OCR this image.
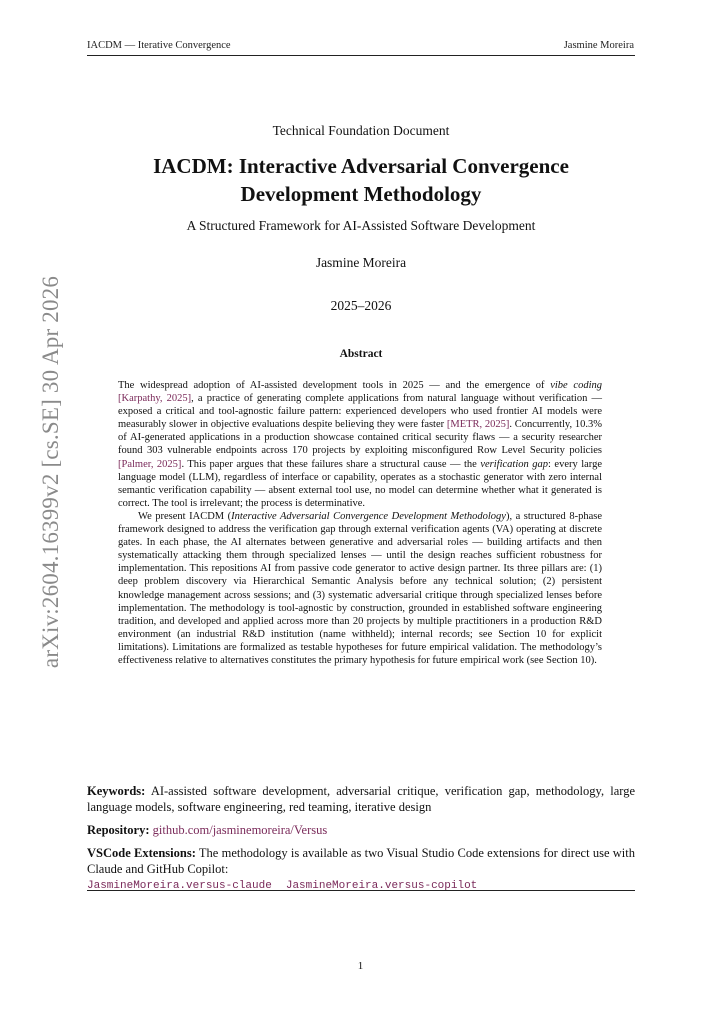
IACDM — Iterative Convergence	Jasmine Moreira
arXiv:2604.16399v2 [cs.SE] 30 Apr 2026
Technical Foundation Document
IACDM: Interactive Adversarial Convergence
Development Methodology
A Structured Framework for AI-Assisted Software Development
Jasmine Moreira
2025–2026
Abstract

The widespread adoption of AI-assisted development tools in 2025 — and the emergence of vibe coding [Karpathy, 2025], a practice of generating complete applications from natural language without verification — exposed a critical and tool-agnostic failure pattern: experienced developers who used frontier AI models were measurably slower in objective evaluations despite believing they were faster [METR, 2025]. Concurrently, 10.3% of AI-generated applications in a production showcase contained critical security flaws — a security researcher found 303 vulnerable endpoints across 170 projects by exploiting misconfigured Row Level Security policies [Palmer, 2025]. This paper argues that these failures share a structural cause — the verification gap: every large language model (LLM), regardless of interface or capability, operates as a stochastic generator with zero internal semantic verification capability — absent external tool use, no model can determine whether what it generated is correct. The tool is irrelevant; the process is determinative.

We present IACDM (Interactive Adversarial Convergence Development Methodology), a structured 8-phase framework designed to address the verification gap through external verification agents (VA) operating at discrete gates. In each phase, the AI alternates between generative and adversarial roles — building artifacts and then systematically attacking them through specialized lenses — until the design reaches sufficient robustness for implementation. This repositions AI from passive code generator to active design partner. Its three pillars are: (1) deep problem discovery via Hierarchical Semantic Analysis before any technical solution; (2) persistent knowledge management across sessions; and (3) systematic adversarial critique through specialized lenses before implementation. The methodology is tool-agnostic by construction, grounded in established software engineering tradition, and developed and applied across more than 20 projects by multiple practitioners in a production R&D environment (an industrial R&D institution (name withheld); internal records; see Section 10 for explicit limitations). Limitations are formalized as testable hypotheses for future empirical validation. The methodology’s effectiveness relative to alternatives constitutes the primary hypothesis for future empirical work (see Section 10).

Keywords: AI-assisted software development, adversarial critique, verification gap, methodology, large language models, software engineering, red teaming, iterative design
Repository: github.com/jasminemoreira/Versus
VSCode Extensions: The methodology is available as two Visual Studio Code extensions for direct use with Claude and GitHub Copilot:
JasmineMoreira.versus-claude JasmineMoreira.versus-copilot
1
